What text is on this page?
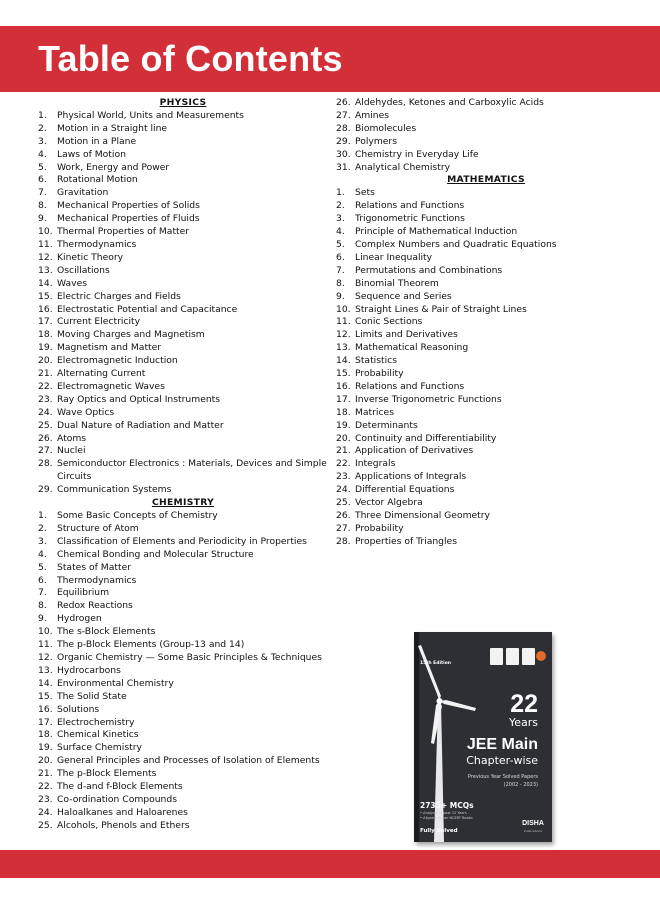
Table of Contents
PHYSICS
1.	Physical World, Units and Measurements
2.	Motion in a Straight line
3.	Motion in a Plane
4.	Laws of Motion
5.	Work, Energy and Power
6.	Rotational Motion
7.	Gravitation
8.	Mechanical Properties of Solids
9.	Mechanical Properties of Fluids
10. Thermal Properties of Matter
11. Thermodynamics
12. Kinetic Theory
13. Oscillations
14. Waves
15. Electric Charges and Fields
16. Electrostatic Potential and Capacitance
17. Current Electricity
18. Moving Charges and Magnetism
19. Magnetism and Matter
20. Electromagnetic Induction
21. Alternating Current
22. Electromagnetic Waves
23. Ray Optics and Optical Instruments
24. Wave Optics
25. Dual Nature of Radiation and Matter
26. Atoms
27. Nuclei
28. Semiconductor Electronics : Materials, Devices and Simple Circuits
29. Communication Systems
CHEMISTRY
1.	Some Basic Concepts of Chemistry
2.	Structure of Atom
3.	Classification of Elements and Periodicity in Properties
4.	Chemical Bonding and Molecular Structure
5.	States of Matter
6.	Thermodynamics
7.	Equilibrium
8.	Redox Reactions
9.	Hydrogen
10. The s-Block Elements
11. The p-Block Elements (Group-13 and 14)
12. Organic Chemistry — Some Basic Principles & Techniques
13. Hydrocarbons
14. Environmental Chemistry
15. The Solid State
16. Solutions
17. Electrochemistry
18. Chemical Kinetics
19. Surface Chemistry
20. General Principles and Processes of Isolation of Elements
21. The p-Block Elements
22. The d-and f-Block Elements
23. Co-ordination Compounds
24. Haloalkanes and Haloarenes
25. Alcohols, Phenols and Ethers
26. Aldehydes, Ketones and Carboxylic Acids
27. Amines
28. Biomolecules
29. Polymers
30. Chemistry in Everyday Life
31. Analytical Chemistry
MATHEMATICS
1.	Sets
2.	Relations and Functions
3.	Trigonometric Functions
4.	Principle of Mathematical Induction
5.	Complex Numbers and Quadratic Equations
6.	Linear Inequality
7.	Permutations and Combinations
8.	Binomial Theorem
9.	Sequence and Series
10. Straight Lines & Pair of Straight Lines
11. Conic Sections
12. Limits and Derivatives
13. Mathematical Reasoning
14. Statistics
15. Probability
16. Relations and Functions
17. Inverse Trigonometric Functions
18. Matrices
19. Determinants
20. Continuity and Differentiability
21. Application of Derivatives
22. Integrals
23. Applications of Integrals
24. Differential Equations
25. Vector Algebra
26. Three Dimensional Geometry
27. Probability
28. Properties of Triangles
15th Edition
22
Years
JEE Main
Chapter-wise
Previous Year Solved Papers
(2002 - 2023)
2735+ MCQs
• Analysis of past 12 Years
• Aligned as per NCERT Books
Fully Solved
DISHA
Publications
